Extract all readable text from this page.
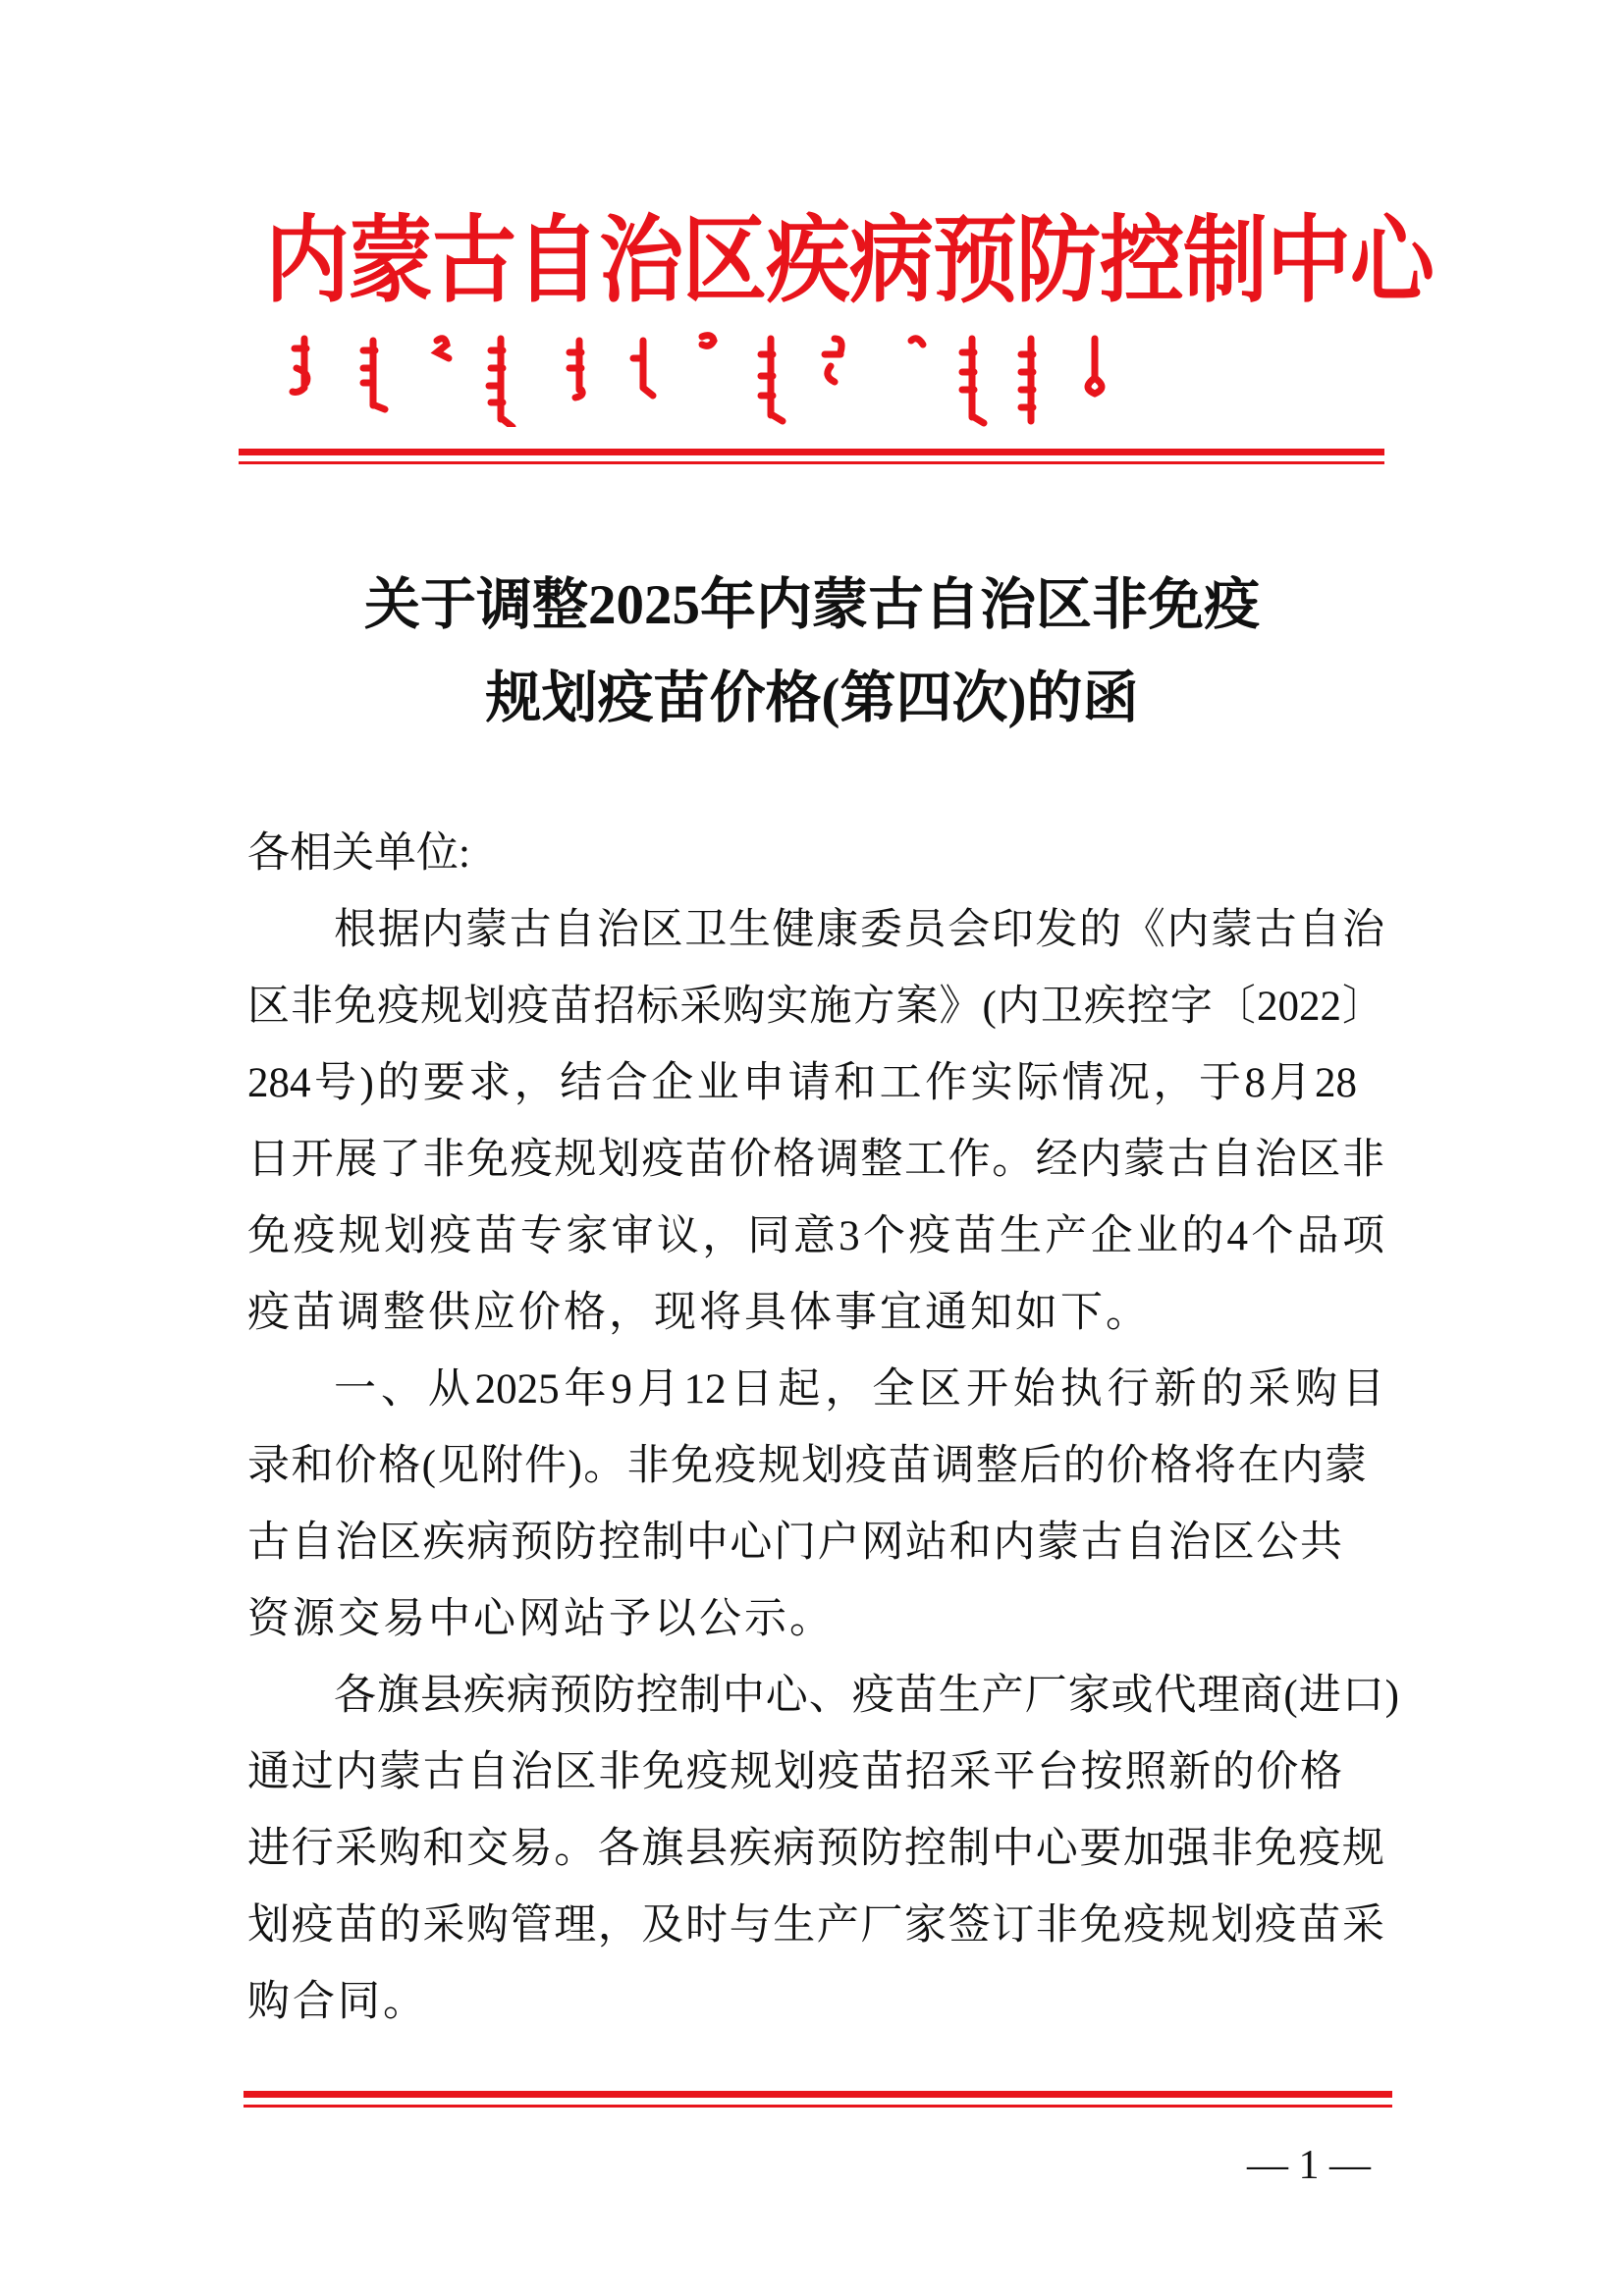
内蒙古自治区疾病预防控制中心
关于调整2025年内蒙古自治区非免疫
规划疫苗价格(第四次)的函
各相关单位:
根据内蒙古自治区卫生健康委员会印发的《内蒙古自治
区非免疫规划疫苗招标采购实施方案》(内卫疾控字〔2022〕
284号)的要求，结合企业申请和工作实际情况，于8月28
日开展了非免疫规划疫苗价格调整工作。经内蒙古自治区非
免疫规划疫苗专家审议，同意3个疫苗生产企业的4个品项
疫苗调整供应价格，现将具体事宜通知如下。
一、从2025年9月12日起，全区开始执行新的采购目
录和价格(见附件)。非免疫规划疫苗调整后的价格将在内蒙
古自治区疾病预防控制中心门户网站和内蒙古自治区公共
资源交易中心网站予以公示。
各旗县疾病预防控制中心、疫苗生产厂家或代理商(进口)
通过内蒙古自治区非免疫规划疫苗招采平台按照新的价格
进行采购和交易。各旗县疾病预防控制中心要加强非免疫规
划疫苗的采购管理，及时与生产厂家签订非免疫规划疫苗采
购合同。
— 1 —
